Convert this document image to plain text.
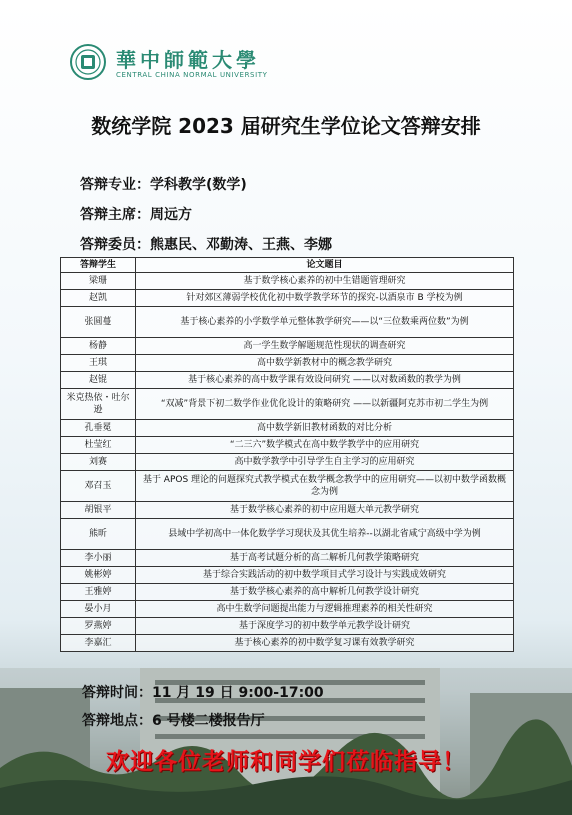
華中師範大學
CENTRAL CHINA NORMAL UNIVERSITY
数统学院 2023 届研究生学位论文答辩安排
答辩专业：学科教学(数学)
答辩主席：周远方
答辩委员：熊惠民、邓勤涛、王燕、李娜
答辩学生	论文题目
梁珊	基于数学核心素养的初中生错题管理研究
赵凯	针对郊区薄弱学校优化初中数学教学环节的探究-以酒泉市 B 学校为例
张圆蔓	基于核心素养的小学数学单元整体教学研究——以“三位数乘两位数”为例
杨静	高一学生数学解题规范性现状的调查研究
王琪	高中数学新教材中的概念教学研究
赵锟	基于核心素养的高中数学课有效设问研究 ——以对数函数的教学为例
米克热依・吐尔逊	“双减”背景下初二数学作业优化设计的策略研究 ——以新疆阿克苏市初二学生为例
孔垂冕	高中数学新旧教材函数的对比分析
杜莹红	“二三六”数学模式在高中数学教学中的应用研究
刘赛	高中数学教学中引导学生自主学习的应用研究
邓召玉	基于 APOS 理论的问题探究式教学模式在数学概念教学中的应用研究——以初中数学函数概念为例
胡银平	基于数学核心素养的初中应用题大单元教学研究
熊昕	县域中学初高中一体化数学学习现状及其优生培养--以湖北省咸宁高级中学为例
李小丽	基于高考试题分析的高二解析几何教学策略研究
姚彬婷	基于综合实践活动的初中数学项目式学习设计与实践成效研究
王雅婷	基于数学核心素养的高中解析几何教学设计研究
晏小月	高中生数学问题提出能力与逻辑推理素养的相关性研究
罗燕婷	基于深度学习的初中数学单元教学设计研究
李嘉汇	基于核心素养的初中数学复习课有效教学研究
答辩时间：11 月 19 日 9:00-17:00
答辩地点：6 号楼二楼报告厅
欢迎各位老师和同学们莅临指导！
